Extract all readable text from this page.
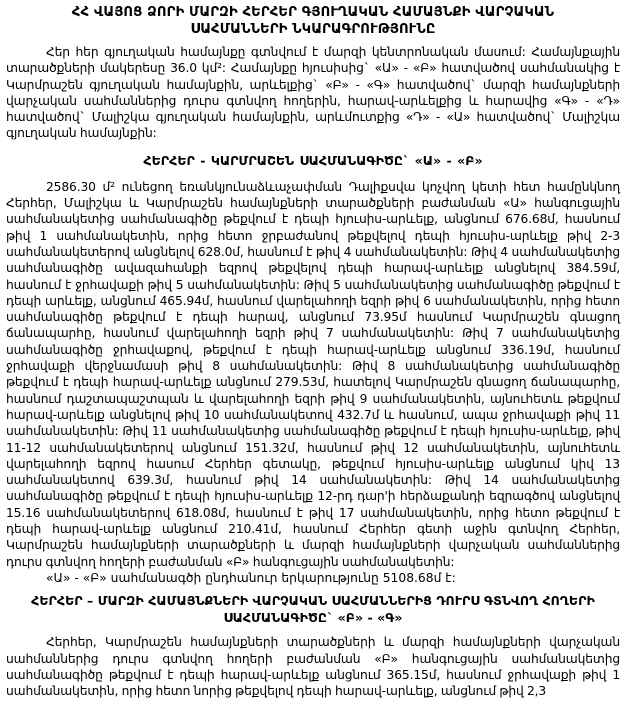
ՀՀ ՎԱՅՈՑ ՁՈՐԻ ՄԱՐԶԻ ՀԵՐՀԵՐ ԳՅՈՒՂԱԿԱՆ ՀԱՄԱՅՆՔԻ ՎԱՐՉԱԿԱՆ

ՍԱՀՄԱՆՆԵՐԻ ՆԿԱՐԱԳՐՈՒԹՅՈՒՆԸ

Հեր հեր գյուղական համայնքը գտնվում է մարզի կենտրոնական մասում: Համայնքային տարածքների մակերեսը 36.0 կմ²: Համայնքը հյուսիսից` «Ա» - «Բ» հատվածով սահմանակից է Կարմրաշեն գյուղական համայնքին, արևելքից` «Բ» - «Գ» հատվածով` մարզի համայնքների վարչական սահմաններից դուրս գտնվող հողերին, հարավ-արևելքից և հարավից «Գ» - «Դ» հատվածով` Մալիշկա գյուղական համայնքին, արևմուտքից «Դ» - «Ա» հատվածով` Մալիշկա գյուղական համայնքին:

ՀԵՐՀԵՐ - ԿԱՐՄՐԱՇԵՆ ՍԱՀՄԱՆԱԳԻԾԸ` «Ա» - «Բ»

2586.30 մ² ունեցող եռանկյունաձևաչափման Դալիքսվա կոչվող կետի հետ համընկնող Հերհեր, Մալիշկա և Կարմրաշեն համայնքների տարածքների բաժանման «Ա» հանգուցային սահմանակետից սահմանագիծը թեքվում է դեպի հյուսիս-արևելք, անցնում 676.68մ, հասնում թիվ 1 սահմանակետին, որից հետո ջրբաժանով թեքվելով դեպի հյուսիս-արևելք թիվ 2-3 սահմանակետերով անցնելով 628.0մ, հասնում է թիվ 4 սահմանակետին: Թիվ 4 սահմանակետից սահմանագիծը ավազահանքի եզրով թեքվելով դեպի հարավ-արևելք անցնելով 384.59մ, հասնում է ջրհավաքի թիվ 5 սահմանակետին: Թիվ 5 սահմանակետից սահմանագիծը թեքվում է դեպի արևելք, անցնում 465.94մ, հասնում վարելահողի եզրի թիվ 6 սահմանակետին, որից հետո սահմանագիծը թեքվում է դեպի հարավ, անցնում 73.95մ հասնում Կարմրաշեն գնացող ճանապարհը, հասնում վարելահողի եզրի թիվ 7 սահմանակետին: Թիվ 7 սահմանակետից սահմանագիծը ջրհավաքով, թեքվում է դեպի հարավ-արևելք անցնում 336.19մ, հասնում ջրհավաքի վերջնամասի թիվ 8 սահմանակետին: Թիվ 8 սահմանակետից սահմանագիծը թեքվում է դեպի հարավ-արևելք անցնում 279.53մ, հատելով Կարմրաշեն գնացող ճանապարհը, հասնում դաշտապաշտպան և վարելահողի եզրի թիվ 9 սահմանակետին, այնուհետև թեքվում հարավ-արևելք անցնելով թիվ 10 սահմանակետով 432.7մ և հասնում, ապա ջրհավաքի թիվ 11 սահմանակետին: Թիվ 11 սահմանակետից սահմանագիծը թեքվում է դեպի հյուսիս-արևելք, թիվ 11-12 սահմանակետերով անցնում 151.32մ, հասնում թիվ 12 սահմանակետին, այնուհետև վարելահողի եզրով հասում Հերհեր գետակը, թեքվում հյուսիս-արևելք անցնում կիվ 13 սահմանակետով 639.3մ, հասնում թիվ 14 սահմանակետին: Թիվ 14 սահմանակետից սահմանագիծը թեքվում է դեպի հյուսիս-արևելք 12-րդ դար'ի հերձաքանդի եզրագծով անցնելով 15.16 սահմանակետերով 618.08մ, հասնում է թիվ 17 սահմանակետին, որից հետո թեքվում է դեպի հարավ-արևելք անցնում 210.41մ, հասնում Հերհեր գետի աջին գտնվող Հերհեր, Կարմրաշեն համայնքների տարածքների և մարզի համայնքների վարչական սահմաններից դուրս գտնվող հողերի բաժանման «Բ» հանգուցային սահմանակետին:

«Ա» - «Բ» սահմանագծի ընդհանուր երկարությունը 5108.68մ է:

ՀԵՐՀԵՐ – ՄԱՐԶԻ ՀԱՄԱՅՆՔՆԵՐԻ ՎԱՐՉԱԿԱՆ ՍԱՀՄԱՆՆԵՐԻՑ ԴՈՒՐՍ ԳՏՆՎՈՂ ՀՈՂԵՐԻ
ՍԱՀՄԱՆԱԳԻԾԸ` «Բ» - «Գ»

Հերհեր, Կարմրաշեն համայնքների տարածքների և մարզի համայնքների վարչական սահմաններից դուրս գտնվող հողերի բաժանման «Բ» հանգուցային սահմանակետից սահմանագիծը թեքվում է դեպի հարավ-արևելք անցնում 365.15մ, հասնում ջրհավաքի թիվ 1 սահմանակետին, որից հետո նորից թեքվելով դեպի հարավ-արևելք, անցնում թիվ 2,3
